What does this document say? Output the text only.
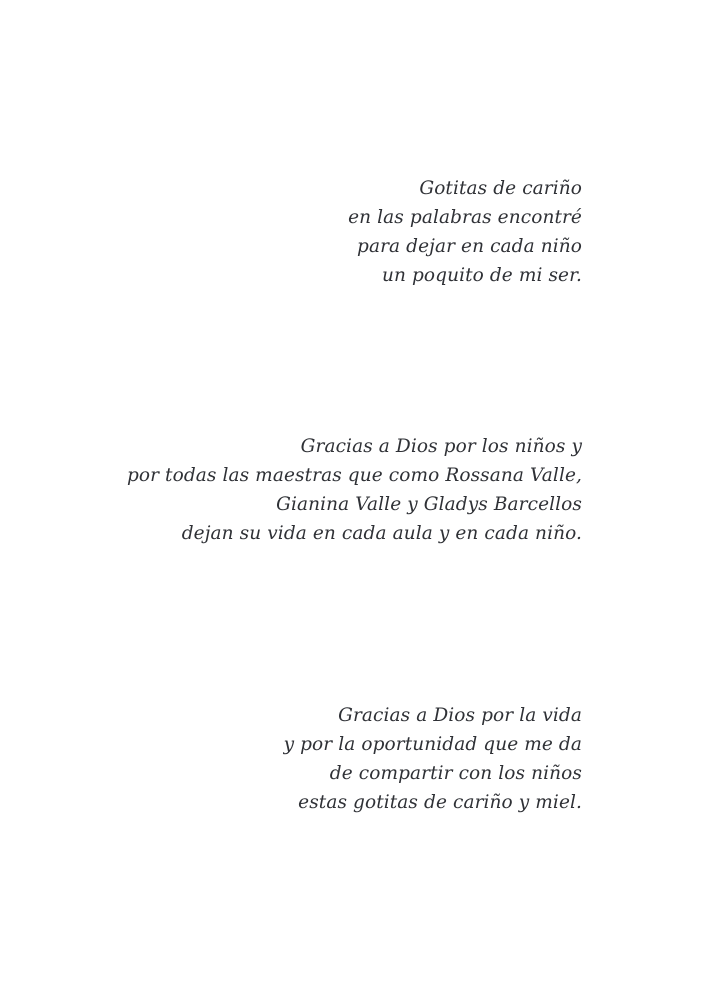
Gotitas de cariño
en las palabras encontré
para dejar en cada niño
un poquito de mi ser.
Gracias a Dios por los niños y
por todas las maestras que como Rossana Valle,
Gianina Valle y Gladys Barcellos
dejan su vida en cada aula y en cada niño.
Gracias a Dios por la vida
y por la oportunidad que me da
de compartir con los niños
estas gotitas de cariño y miel.
